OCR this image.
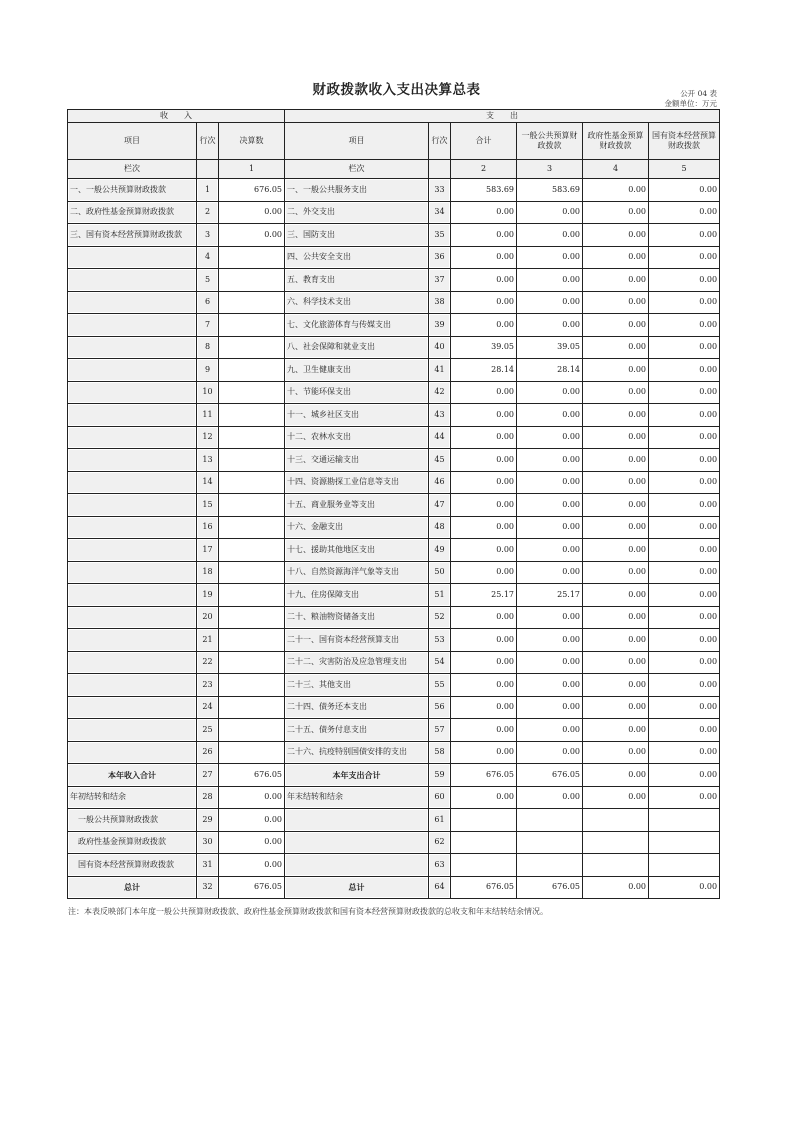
财政拨款收入支出决算总表	公开 04 表
金额单位：万元
收　　入			支　　出					
项目	行次	决算数	项目	行次	合计	一般公共预算财政拨款	政府性基金预算财政拨款	国有资本经营预算财政拨款
栏次		1	栏次		2	3	4	5
一、一般公共预算财政拨款	1	676.05	一、一般公共服务支出	33	583.69	583.69	0.00	0.00
二、政府性基金预算财政拨款	2	0.00	二、外交支出	34	0.00	0.00	0.00	0.00
三、国有资本经营预算财政拨款	3	0.00	三、国防支出	35	0.00	0.00	0.00	0.00
	4		四、公共安全支出	36	0.00	0.00	0.00	0.00
	5		五、教育支出	37	0.00	0.00	0.00	0.00
	6		六、科学技术支出	38	0.00	0.00	0.00	0.00
	7		七、文化旅游体育与传媒支出	39	0.00	0.00	0.00	0.00
	8		八、社会保障和就业支出	40	39.05	39.05	0.00	0.00
	9		九、卫生健康支出	41	28.14	28.14	0.00	0.00
	10		十、节能环保支出	42	0.00	0.00	0.00	0.00
	11		十一、城乡社区支出	43	0.00	0.00	0.00	0.00
	12		十二、农林水支出	44	0.00	0.00	0.00	0.00
	13		十三、交通运输支出	45	0.00	0.00	0.00	0.00
	14		十四、资源勘探工业信息等支出	46	0.00	0.00	0.00	0.00
	15		十五、商业服务业等支出	47	0.00	0.00	0.00	0.00
	16		十六、金融支出	48	0.00	0.00	0.00	0.00
	17		十七、援助其他地区支出	49	0.00	0.00	0.00	0.00
	18		十八、自然资源海洋气象等支出	50	0.00	0.00	0.00	0.00
	19		十九、住房保障支出	51	25.17	25.17	0.00	0.00
	20		二十、粮油物资储备支出	52	0.00	0.00	0.00	0.00
	21		二十一、国有资本经营预算支出	53	0.00	0.00	0.00	0.00
	22		二十二、灾害防治及应急管理支出	54	0.00	0.00	0.00	0.00
	23		二十三、其他支出	55	0.00	0.00	0.00	0.00
	24		二十四、债务还本支出	56	0.00	0.00	0.00	0.00
	25		二十五、债务付息支出	57	0.00	0.00	0.00	0.00
	26		二十六、抗疫特别国债安排的支出	58	0.00	0.00	0.00	0.00
本年收入合计	27	676.05	本年支出合计	59	676.05	676.05	0.00	0.00
年初结转和结余	28	0.00	年末结转和结余	60	0.00	0.00	0.00	0.00
一般公共预算财政拨款	29	0.00		61				
政府性基金预算财政拨款	30	0.00		62				
国有资本经营预算财政拨款	31	0.00		63				
总计	32	676.05	总计	64	676.05	676.05	0.00	0.00
注：本表反映部门本年度一般公共预算财政拨款、政府性基金预算财政拨款和国有资本经营预算财政拨款的总收支和年末结转结余情况。
